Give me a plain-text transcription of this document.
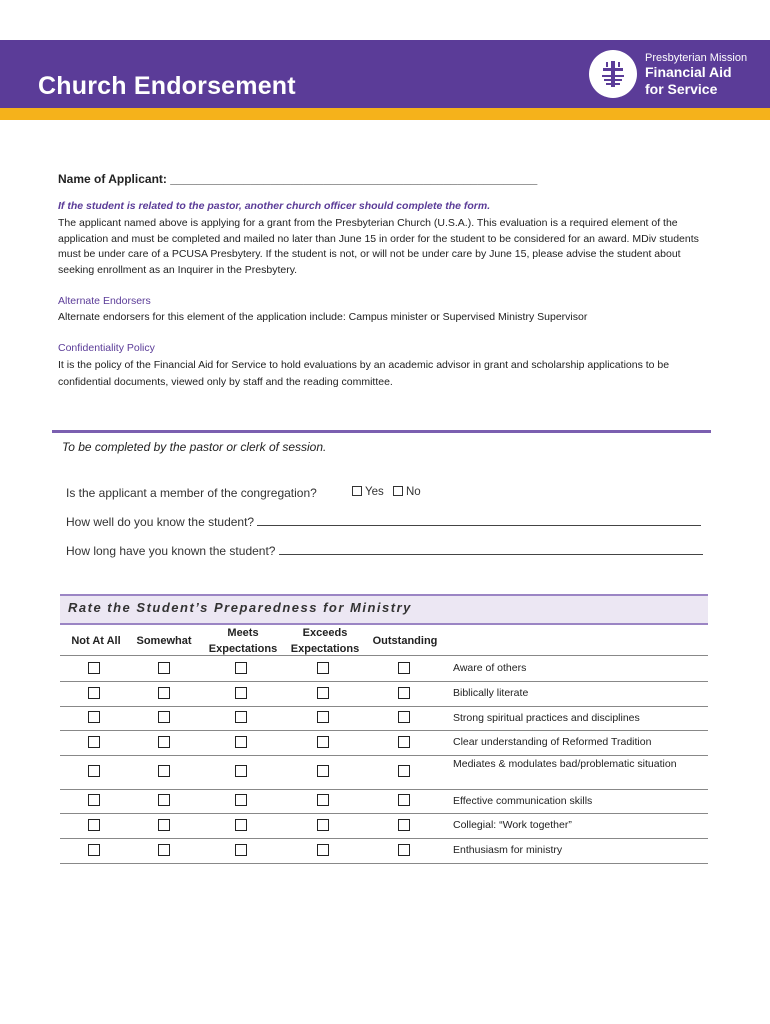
Church Endorsement
Presbyterian Mission
Financial Aid
for Service
Name of Applicant: _______________________________________________________
If the student is related to the pastor, another church officer should complete the form.
The applicant named above is applying for a grant from the Presbyterian Church (U.S.A.). This evaluation is a required element of the application and must be completed and mailed no later than June 15 in order for the student to be considered for an award. MDiv students must be under care of a PCUSA Presbytery. If the student is not, or will not be under care by June 15, please advise the student about seeking enrollment as an Inquirer in the Presbytery.
Alternate Endorsers
Alternate endorsers for this element of the application include: Campus minister or Supervised Ministry Supervisor
Confidentiality Policy
It is the policy of the Financial Aid for Service to hold evaluations by an academic advisor in grant and scholarship applications to be confidential documents, viewed only by staff and the reading committee.
To be completed by the pastor or clerk of session.
Is the applicant a member of the congregation?	Yes No
How well do you know the student?
How long have you known the student?
Rate the Student’s Preparedness for Ministry
Not At All	Somewhat
Meets
Expectations
Exceeds
Expectations
Outstanding
Aware of others
Biblically literate
Strong spiritual practices and disciplines
Clear understanding of Reformed Tradition
Mediates & modulates bad/problematic situation
Effective communication skills
Collegial: “Work together”
Enthusiasm for ministry
